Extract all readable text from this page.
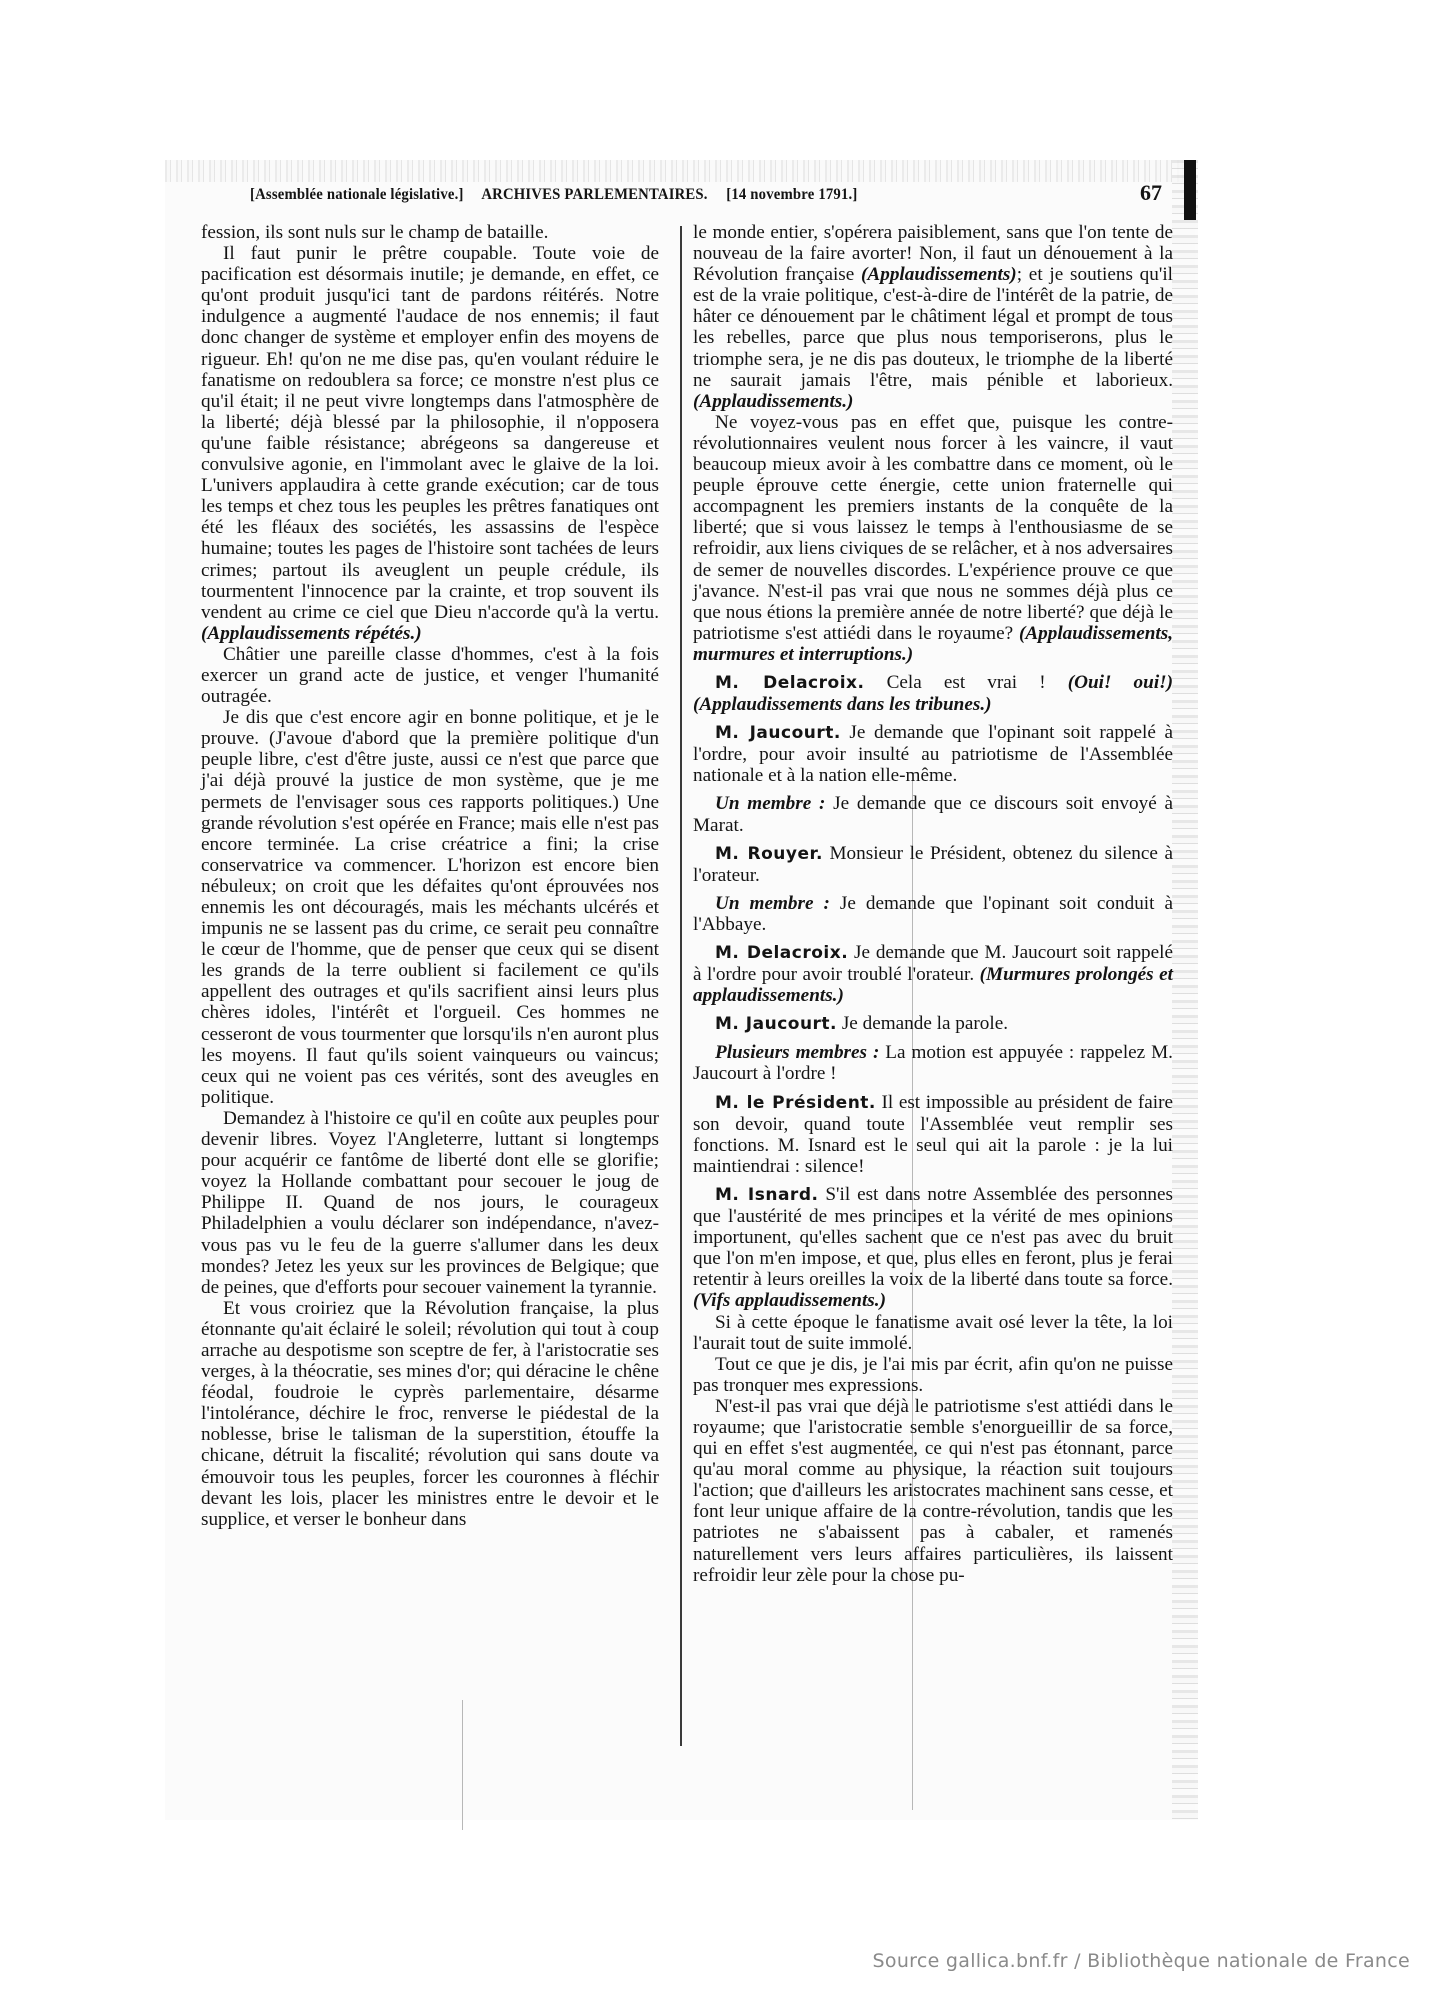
[Assemblée nationale législative.] ARCHIVES PARLEMENTAIRES. [14 novembre 1791.]	67

fession, ils sont nuls sur le champ de bataille.

Il faut punir le prêtre coupable. Toute voie de pacification est désormais inutile; je demande, en effet, ce qu'ont produit jusqu'ici tant de pardons réitérés. Notre indulgence a augmenté l'audace de nos ennemis; il faut donc changer de système et employer enfin des moyens de rigueur. Eh! qu'on ne me dise pas, qu'en voulant réduire le fanatisme on redoublera sa force; ce monstre n'est plus ce qu'il était; il ne peut vivre longtemps dans l'atmosphère de la liberté; déjà blessé par la philosophie, il n'opposera qu'une faible résistance; abrégeons sa dangereuse et convulsive agonie, en l'immolant avec le glaive de la loi. L'univers applaudira à cette grande exécution; car de tous les temps et chez tous les peuples les prêtres fanatiques ont été les fléaux des sociétés, les assassins de l'espèce humaine; toutes les pages de l'histoire sont tachées de leurs crimes; partout ils aveuglent un peuple crédule, ils tourmentent l'innocence par la crainte, et trop souvent ils vendent au crime ce ciel que Dieu n'accorde qu'à la vertu. (Applaudissements répétés.)

Châtier une pareille classe d'hommes, c'est à la fois exercer un grand acte de justice, et venger l'humanité outragée.

Je dis que c'est encore agir en bonne politique, et je le prouve. (J'avoue d'abord que la première politique d'un peuple libre, c'est d'être juste, aussi ce n'est que parce que j'ai déjà prouvé la justice de mon système, que je me permets de l'envisager sous ces rapports politiques.) Une grande révolution s'est opérée en France; mais elle n'est pas encore terminée. La crise créatrice a fini; la crise conservatrice va commencer. L'horizon est encore bien nébuleux; on croit que les défaites qu'ont éprouvées nos ennemis les ont découragés, mais les méchants ulcérés et impunis ne se lassent pas du crime, ce serait peu connaître le cœur de l'homme, que de penser que ceux qui se disent les grands de la terre oublient si facilement ce qu'ils appellent des outrages et qu'ils sacrifient ainsi leurs plus chères idoles, l'intérêt et l'orgueil. Ces hommes ne cesseront de vous tourmenter que lorsqu'ils n'en auront plus les moyens. Il faut qu'ils soient vainqueurs ou vaincus; ceux qui ne voient pas ces vérités, sont des aveugles en politique.

Demandez à l'histoire ce qu'il en coûte aux peuples pour devenir libres. Voyez l'Angleterre, luttant si longtemps pour acquérir ce fantôme de liberté dont elle se glorifie; voyez la Hollande combattant pour secouer le joug de Philippe II. Quand de nos jours, le courageux Philadelphien a voulu déclarer son indépendance, n'avez-vous pas vu le feu de la guerre s'allumer dans les deux mondes? Jetez les yeux sur les provinces de Belgique; que de peines, que d'efforts pour secouer vainement la tyrannie.

Et vous croiriez que la Révolution française, la plus étonnante qu'ait éclairé le soleil; révolution qui tout à coup arrache au despotisme son sceptre de fer, à l'aristocratie ses verges, à la théocratie, ses mines d'or; qui déracine le chêne féodal, foudroie le cyprès parlementaire, désarme l'intolérance, déchire le froc, renverse le piédestal de la noblesse, brise le talisman de la superstition, étouffe la chicane, détruit la fiscalité; révolution qui sans doute va émouvoir tous les peuples, forcer les couronnes à fléchir devant les lois, placer les ministres entre le devoir et le supplice, et verser le bonheur dans

le monde entier, s'opérera paisiblement, sans que l'on tente de nouveau de la faire avorter! Non, il faut un dénouement à la Révolution française (Applaudissements); et je soutiens qu'il est de la vraie politique, c'est-à-dire de l'intérêt de la patrie, de hâter ce dénouement par le châtiment légal et prompt de tous les rebelles, parce que plus nous temporiserons, plus le triomphe sera, je ne dis pas douteux, le triomphe de la liberté ne saurait jamais l'être, mais pénible et laborieux. (Applaudissements.)

Ne voyez-vous pas en effet que, puisque les contre-révolutionnaires veulent nous forcer à les vaincre, il vaut beaucoup mieux avoir à les combattre dans ce moment, où le peuple éprouve cette énergie, cette union fraternelle qui accompagnent les premiers instants de la conquête de la liberté; que si vous laissez le temps à l'enthousiasme de se refroidir, aux liens civiques de se relâcher, et à nos adversaires de semer de nouvelles discordes. L'expérience prouve ce que j'avance. N'est-il pas vrai que nous ne sommes déjà plus ce que nous étions la première année de notre liberté? que déjà le patriotisme s'est attiédi dans le royaume? (Applaudissements, murmures et interruptions.)

M. Delacroix. Cela est vrai ! (Oui! oui!) (Applaudissements dans les tribunes.)

M. Jaucourt. Je demande que l'opinant soit rappelé à l'ordre, pour avoir insulté au patriotisme de l'Assemblée nationale et à la nation elle-même.

Un membre : Je demande que ce discours soit envoyé à Marat.

M. Rouyer. Monsieur le Président, obtenez du silence à l'orateur.

Un membre : Je demande que l'opinant soit conduit à l'Abbaye.

M. Delacroix. Je demande que M. Jaucourt soit rappelé à l'ordre pour avoir troublé l'orateur. (Murmures prolongés et applaudissements.)

M. Jaucourt. Je demande la parole.

Plusieurs membres : La motion est appuyée : rappelez M. Jaucourt à l'ordre !

M. le Président. Il est impossible au président de faire son devoir, quand toute l'Assemblée veut remplir ses fonctions. M. Isnard est le seul qui ait la parole : je la lui maintiendrai : silence!

M. Isnard. S'il est dans notre Assemblée des personnes que l'austérité de mes principes et la vérité de mes opinions importunent, qu'elles sachent que ce n'est pas avec du bruit que l'on m'en impose, et que, plus elles en feront, plus je ferai retentir à leurs oreilles la voix de la liberté dans toute sa force. (Vifs applaudissements.)

Si à cette époque le fanatisme avait osé lever la tête, la loi l'aurait tout de suite immolé.

Tout ce que je dis, je l'ai mis par écrit, afin qu'on ne puisse pas tronquer mes expressions.

N'est-il pas vrai que déjà le patriotisme s'est attiédi dans le royaume; que l'aristocratie semble s'enorgueillir de sa force, qui en effet s'est augmentée, ce qui n'est pas étonnant, parce qu'au moral comme au physique, la réaction suit toujours l'action; que d'ailleurs les aristocrates machinent sans cesse, et font leur unique affaire de la contre-révolution, tandis que les patriotes ne s'abaissent pas à cabaler, et ramenés naturellement vers leurs affaires particulières, ils laissent refroidir leur zèle pour la chose pu-

Source gallica.bnf.fr / Bibliothèque nationale de France
